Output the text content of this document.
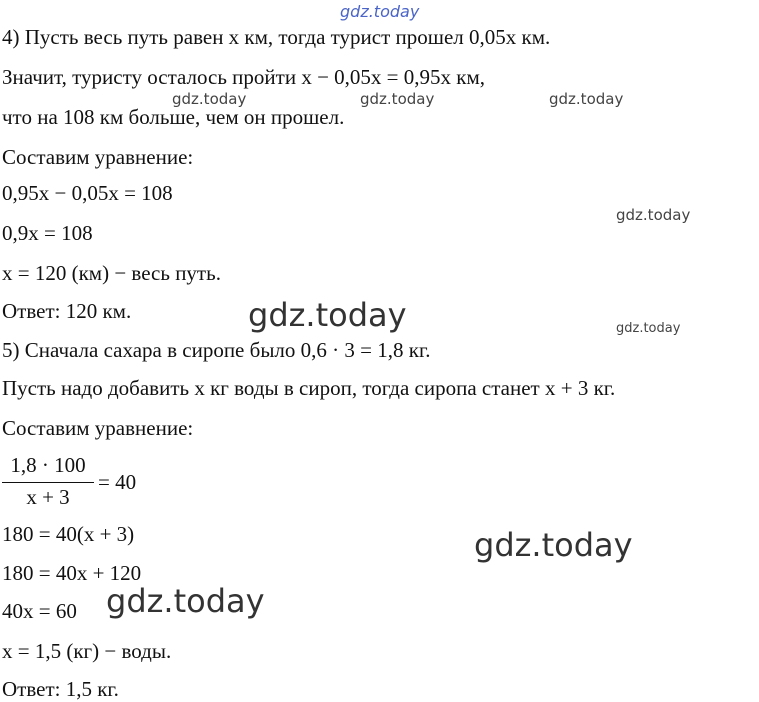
gdz.today
gdz.today	gdz.today	gdz.today
gdz.today
gdz.today	gdz.today
gdz.today
gdz.today
4) Пусть весь путь равен x км, тогда турист прошел 0,05x км.
Значит, туристу осталось пройти x − 0,05x = 0,95x км,
что на 108 км больше, чем он прошел.
Составим уравнение:
0,95x − 0,05x = 108
0,9x = 108
x = 120 (км) − весь путь.
Ответ: 120 км.
5) Сначала сахара в сиропе было 0,6 · 3 = 1,8 кг.
Пусть надо добавить x кг воды в сироп, тогда сиропа станет x + 3 кг.
Составим уравнение:
1,8 · 100
x + 3
= 40
180 = 40(x + 3)
180 = 40x + 120
40x = 60
x = 1,5 (кг) − воды.
Ответ: 1,5 кг.
